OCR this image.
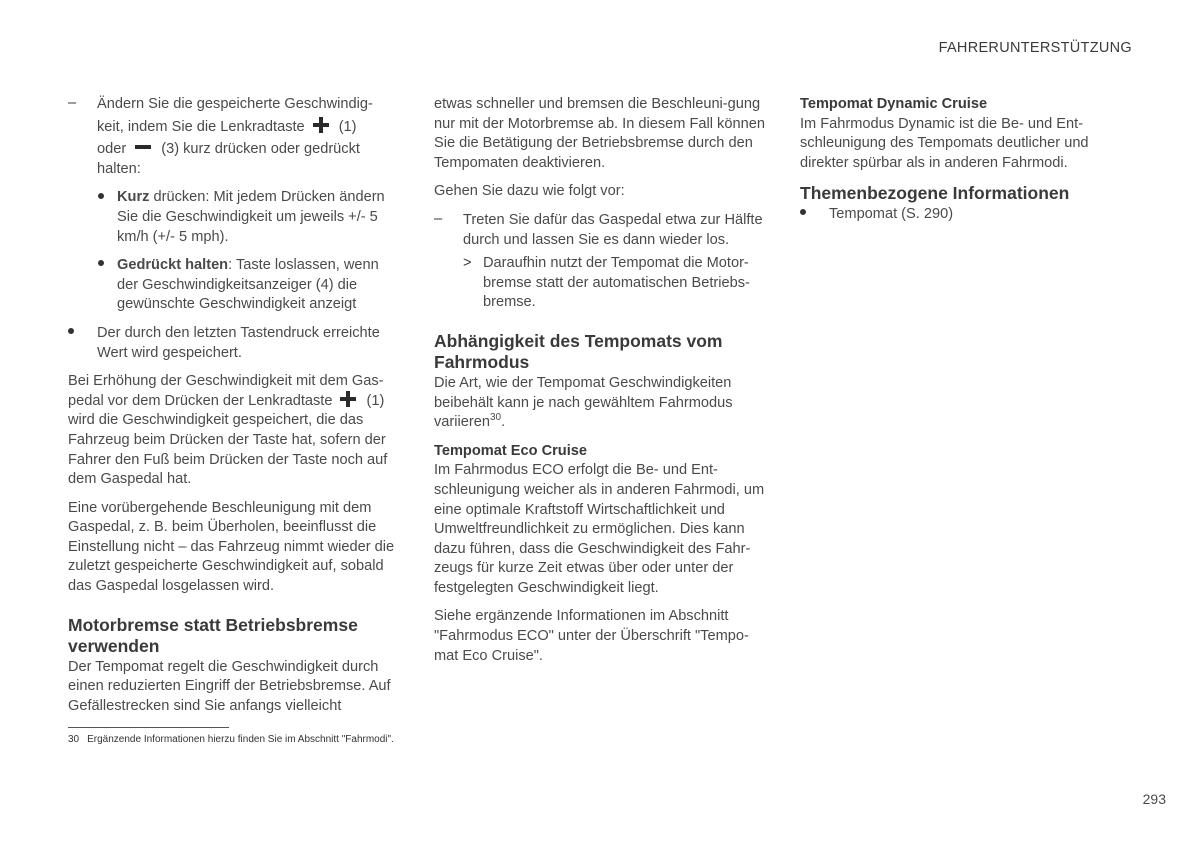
FAHRERUNTERSTÜTZUNG
– Ändern Sie die gespeicherte Geschwindig-
keit, indem Sie die Lenkradtaste (1)
oder (3) kurz drücken oder gedrückt
halten:
Kurz drücken: Mit jedem Drücken ändern Sie die Geschwindigkeit um jeweils +/- 5 km/h (+/- 5 mph).
Gedrückt halten: Taste loslassen, wenn der Geschwindigkeitsanzeiger (4) die gewünschte Geschwindigkeit anzeigt
Der durch den letzten Tastendruck erreichte Wert wird gespeichert.

Bei Erhöhung der Geschwindigkeit mit dem Gas-
pedal vor dem Drücken der Lenkradtaste (1)
wird die Geschwindigkeit gespeichert, die das Fahrzeug beim Drücken der Taste hat, sofern der Fahrer den Fuß beim Drücken der Taste noch auf dem Gaspedal hat.

Eine vorübergehende Beschleunigung mit dem Gaspedal, z. B. beim Überholen, beeinflusst die Einstellung nicht – das Fahrzeug nimmt wieder die zuletzt gespeicherte Geschwindigkeit auf, sobald das Gaspedal losgelassen wird.

Motorbremse statt Betriebsbremse verwenden

Der Tempomat regelt die Geschwindigkeit durch einen reduzierten Eingriff der Betriebsbremse. Auf Gefällestrecken sind Sie anfangs vielleicht

etwas schneller und bremsen die Beschleuni-gung nur mit der Motorbremse ab. In diesem Fall können Sie die Betätigung der Betriebsbremse durch den Tempomaten deaktivieren.

Gehen Sie dazu wie folgt vor:

– Treten Sie dafür das Gaspedal etwa zur Hälfte durch und lassen Sie es dann wieder los.
> Daraufhin nutzt der Tempomat die Motor-bremse statt der automatischen Betriebs-bremse.
Abhängigkeit des Tempomats vom Fahrmodus

Die Art, wie der Tempomat Geschwindigkeiten beibehält kann je nach gewähltem Fahrmodus variieren$^{30}$.

Tempomat Eco Cruise

Im Fahrmodus ECO erfolgt die Be- und Ent-schleunigung weicher als in anderen Fahrmodi, um eine optimale Kraftstoff Wirtschaftlichkeit und Umweltfreundlichkeit zu ermöglichen. Dies kann dazu führen, dass die Geschwindigkeit des Fahr-zeugs für kurze Zeit etwas über oder unter der festgelegten Geschwindigkeit liegt.

Siehe ergänzende Informationen im Abschnitt "Fahrmodus ECO" unter der Überschrift "Tempo-mat Eco Cruise".

Tempomat Dynamic Cruise

Im Fahrmodus Dynamic ist die Be- und Ent-schleunigung des Tempomats deutlicher und direkter spürbar als in anderen Fahrmodi.

Themenbezogene Informationen
Tempomat (S. 290)
30 Ergänzende Informationen hierzu finden Sie im Abschnitt "Fahrmodi".
293
